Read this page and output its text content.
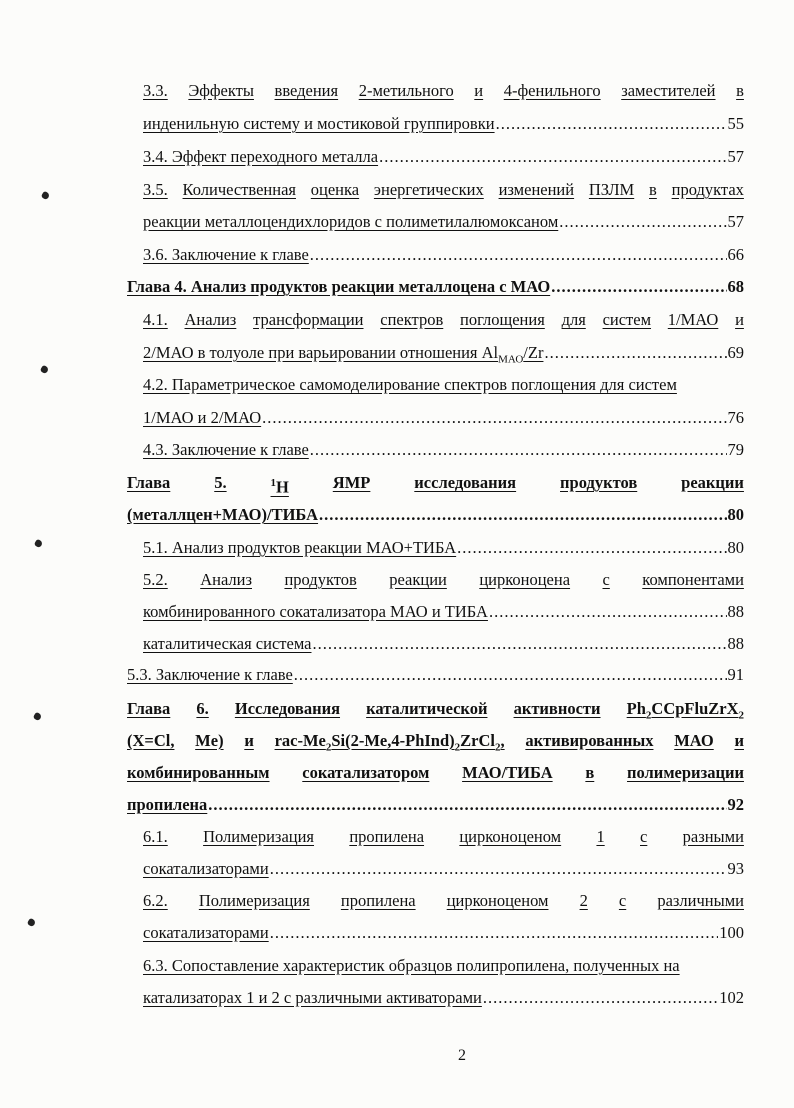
3.3. Эффекты введения 2-метильного и 4-фенильного заместителей в
инденильную систему и мостиковой группировки .....	55
3.4. Эффект переходного металла .....	57
3.5. Количественная оценка энергетических изменений ПЗЛМ в продуктах
реакции металлоцендихлоридов с полиметилалюмоксаном .....	57
3.6. Заключение к главе .....	66
Глава 4. Анализ продуктов реакции металлоцена с МАО .....	68
4.1. Анализ трансформации спектров поглощения для систем 1/МАО и
2/МАО в толуоле при варьировании отношения $Al_{МАО}/Zr$ .....	69
4.2. Параметрическое самомоделирование спектров поглощения для систем
1/МАО и 2/МАО .....	76
4.3. Заключение к главе .....	79
Глава	5.	$^1$Н	ЯМР	исследования	продуктов	реакции
(металлцен+МАО)/ТИБА .....	80
5.1. Анализ продуктов реакции МАО+ТИБА .....	80
5.2. Анализ продуктов реакции цирконоцена с компонентами
комбинированного сокатализатора МАО и ТИБА .....	88
каталитическая система .....	88
5.3. Заключение к главе .....	91
Глава 6. Исследования каталитической активности $Ph_2CCpFluZrX_2$
(X=Cl, Me) и rac-$Me_2Si(2-Me,4-PhInd)_2ZrCl_2$, активированных МАО и
комбинированным сокатализатором МАО/ТИБА в полимеризации
пропилена .....	92
6.1. Полимеризация пропилена цирконоценом 1 с разными
сокатализаторами .....	93
6.2. Полимеризация пропилена цирконоценом 2 с различными
сокатализаторами .....	100
6.3. Сопоставление характеристик образцов полипропилена, полученных на
катализаторах 1 и 2 с различными активаторами .....	102
2
